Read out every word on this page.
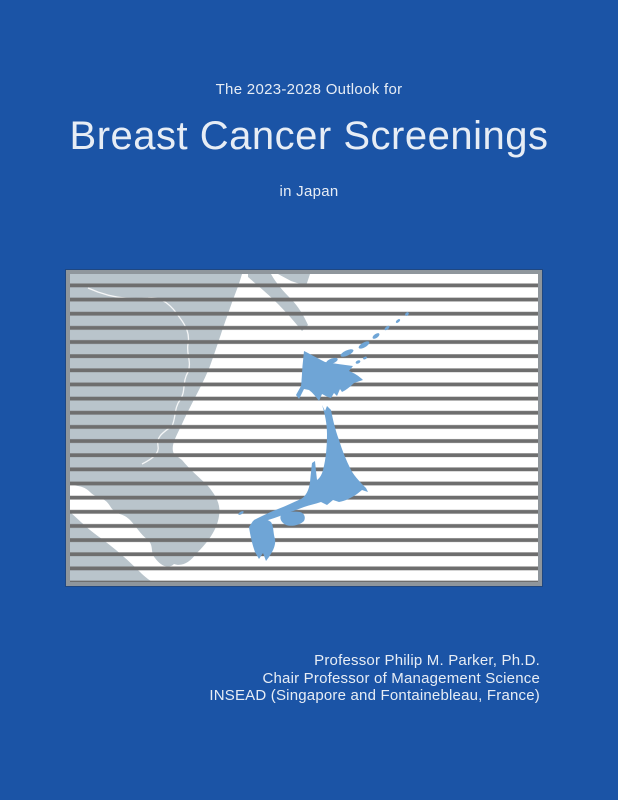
The 2023-2028 Outlook for
Breast Cancer Screenings
in Japan
Professor Philip M. Parker, Ph.D.
Chair Professor of Management Science
INSEAD (Singapore and Fontainebleau, France)
